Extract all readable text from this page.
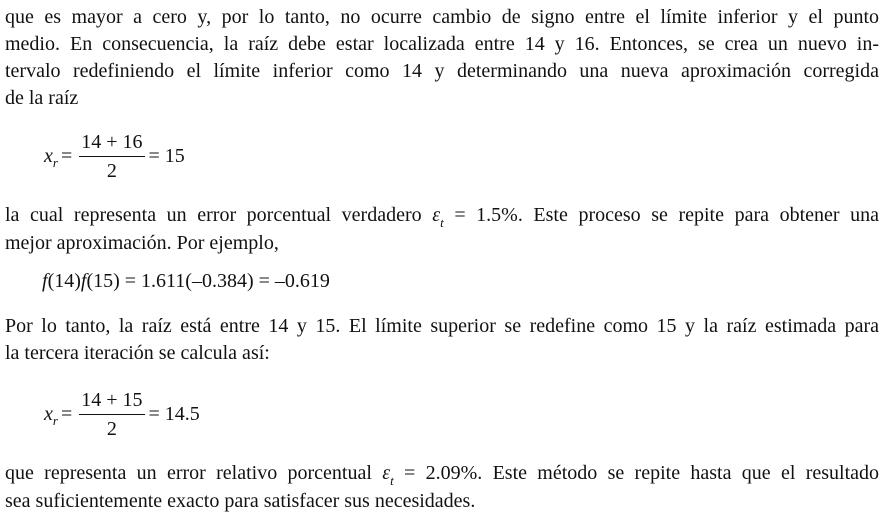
que es mayor a cero y, por lo tanto, no ocurre cambio de signo entre el límite inferior y el punto
medio. En consecuencia, la raíz debe estar localizada entre 14 y 16. Entonces, se crea un nuevo in-
tervalo redefiniendo el límite inferior como 14 y determinando una nueva aproximación corregida
de la raíz
x $r = \frac{14 + 16}{2} = 15$
la cual representa un error porcentual verdadero $\varepsilon_t = 1.5\%$. Este proceso se repite para obtener una
mejor aproximación. Por ejemplo,
f (14) f (15) = 1.611(–0.384) = –0.619
Por lo tanto, la raíz está entre 14 y 15. El límite superior se redefine como 15 y la raíz estimada para
la tercera iteración se calcula así:
x $r = \frac{14 + 15}{2} = 14.5$
que representa un error relativo porcentual $\varepsilon_t = 2.09\%$. Este método se repite hasta que el resultado
sea suficientemente exacto para satisfacer sus necesidades.
